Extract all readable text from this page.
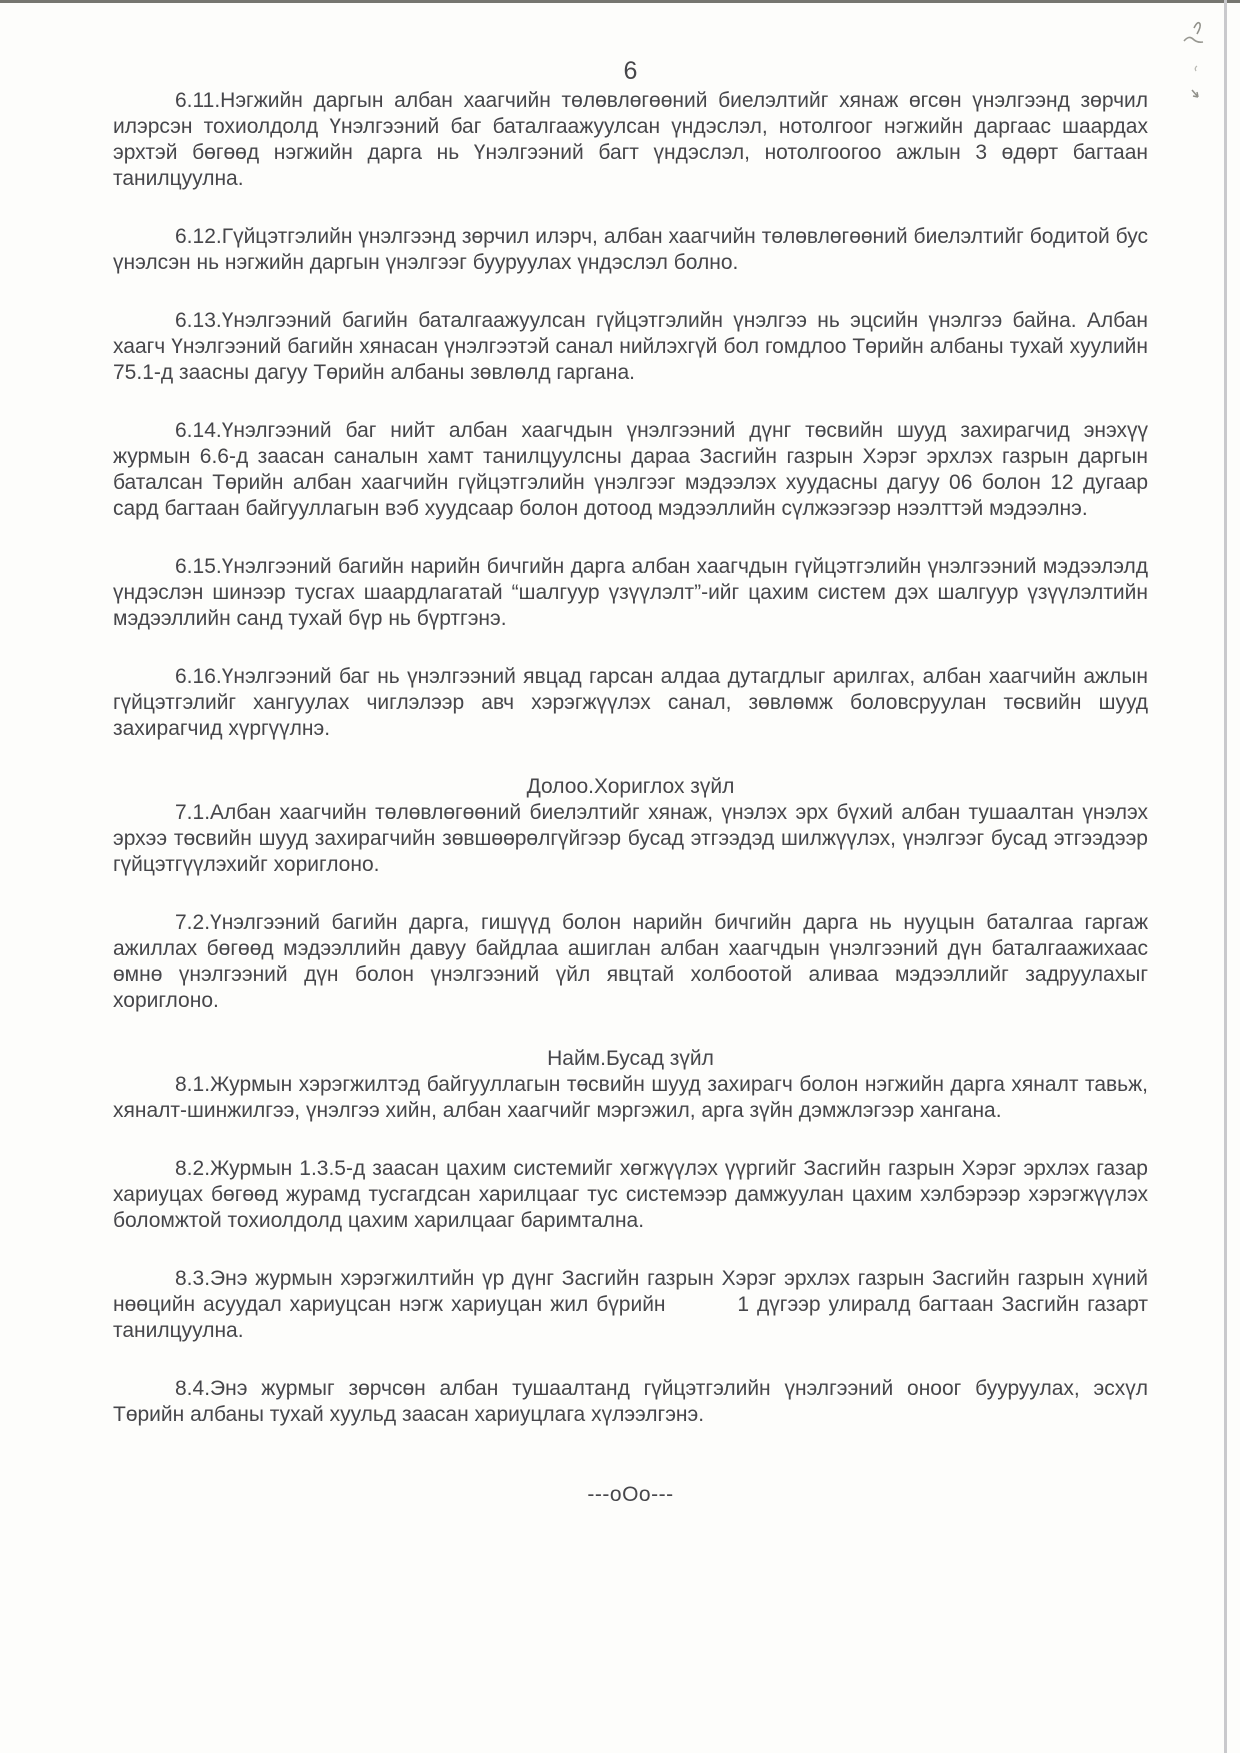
6
6.11.Нэгжийн даргын албан хаагчийн төлөвлөгөөний биелэлтийг хянаж өгсөн үнэлгээнд зөрчил илэрсэн тохиолдолд Үнэлгээний баг баталгаажуулсан үндэслэл, нотолгоог нэгжийн даргаас шаардах эрхтэй бөгөөд нэгжийн дарга нь Үнэлгээний багт үндэслэл, нотолгоогоо ажлын 3 өдөрт багтаан танилцуулна.
6.12.Гүйцэтгэлийн үнэлгээнд зөрчил илэрч, албан хаагчийн төлөвлөгөөний биелэлтийг бодитой бус үнэлсэн нь нэгжийн даргын үнэлгээг бууруулах үндэслэл болно.
6.13.Үнэлгээний багийн баталгаажуулсан гүйцэтгэлийн үнэлгээ нь эцсийн үнэлгээ байна. Албан хаагч Үнэлгээний багийн хянасан үнэлгээтэй санал нийлэхгүй бол гомдлоо Төрийн албаны тухай хуулийн 75.1-д заасны дагуу Төрийн албаны зөвлөлд гаргана.
6.14.Үнэлгээний баг нийт албан хаагчдын үнэлгээний дүнг төсвийн шууд захирагчид энэхүү журмын 6.6-д заасан саналын хамт танилцуулсны дараа Засгийн газрын Хэрэг эрхлэх газрын даргын баталсан Төрийн албан хаагчийн гүйцэтгэлийн үнэлгээг мэдээлэх хуудасны дагуу 06 болон 12 дугаар сард багтаан байгууллагын вэб хуудсаар болон дотоод мэдээллийн сүлжээгээр нээлттэй мэдээлнэ.
6.15.Үнэлгээний багийн нарийн бичгийн дарга албан хаагчдын гүйцэтгэлийн үнэлгээний мэдээлэлд үндэслэн шинээр тусгах шаардлагатай “шалгуур үзүүлэлт”-ийг цахим систем дэх шалгуур үзүүлэлтийн мэдээллийн санд тухай бүр нь бүртгэнэ.
6.16.Үнэлгээний баг нь үнэлгээний явцад гарсан алдаа дутагдлыг арилгах, албан хаагчийн ажлын гүйцэтгэлийг хангуулах чиглэлээр авч хэрэгжүүлэх санал, зөвлөмж боловсруулан төсвийн шууд захирагчид хүргүүлнэ.
Долоо.Хориглох зүйл
7.1.Албан хаагчийн төлөвлөгөөний биелэлтийг хянаж, үнэлэх эрх бүхий албан тушаалтан үнэлэх эрхээ төсвийн шууд захирагчийн зөвшөөрөлгүйгээр бусад этгээдэд шилжүүлэх, үнэлгээг бусад этгээдээр гүйцэтгүүлэхийг хориглоно.
7.2.Үнэлгээний багийн дарга, гишүүд болон нарийн бичгийн дарга нь нууцын баталгаа гаргаж ажиллах бөгөөд мэдээллийн давуу байдлаа ашиглан албан хаагчдын үнэлгээний дүн баталгаажихаас өмнө үнэлгээний дүн болон үнэлгээний үйл явцтай холбоотой аливаа мэдээллийг задруулахыг хориглоно.
Найм.Бусад зүйл
8.1.Журмын хэрэгжилтэд байгууллагын төсвийн шууд захирагч болон нэгжийн дарга хяналт тавьж, хяналт-шинжилгээ, үнэлгээ хийн, албан хаагчийг мэргэжил, арга зүйн дэмжлэгээр хангана.
8.2.Журмын 1.3.5-д заасан цахим системийг хөгжүүлэх үүргийг Засгийн газрын Хэрэг эрхлэх газар хариуцах бөгөөд журамд тусгагдсан харилцааг тус системээр дамжуулан цахим хэлбэрээр хэрэгжүүлэх боломжтой тохиолдолд цахим харилцааг баримтална.
8.3.Энэ журмын хэрэгжилтийн үр дүнг Засгийн газрын Хэрэг эрхлэх газрын Засгийн газрын хүний нөөцийн асуудал хариуцсан нэгж хариуцан жил бүрийн         1 дүгээр улиралд багтаан Засгийн газарт танилцуулна.
8.4.Энэ журмыг зөрчсөн албан тушаалтанд гүйцэтгэлийн үнэлгээний оноог бууруулах, эсхүл Төрийн албаны тухай хуульд заасан хариуцлага хүлээлгэнэ.
---оОо---
